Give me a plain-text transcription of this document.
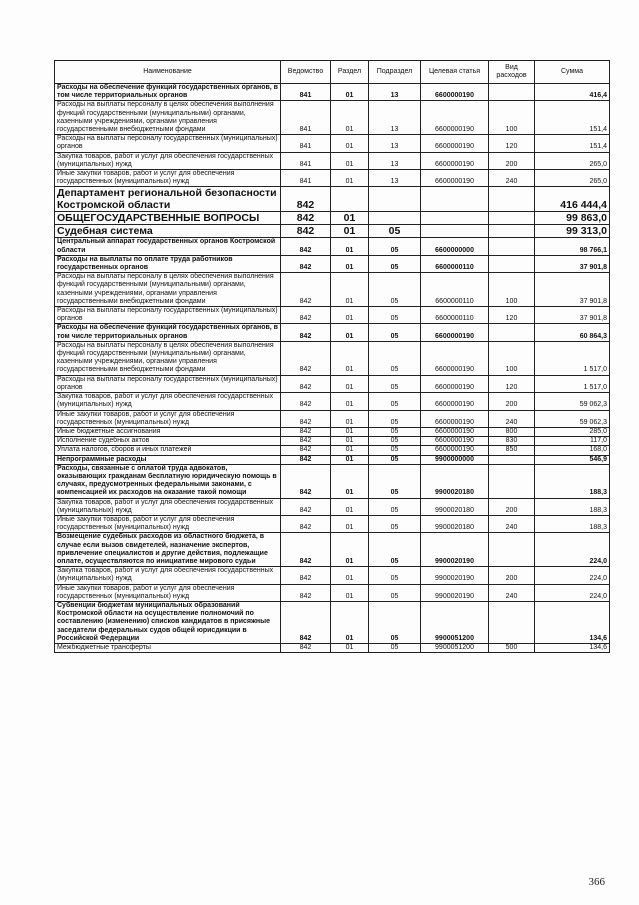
Наименование	Ведомство	Раздел	Подраздел	Целевая статья	Вид расходов	Сумма
Расходы на обеспечение функций государственных органов, в том числе территориальных органов	841	01	13	6600000190		416,4
Расходы на выплаты персоналу в целях обеспечения выполнения функций государственными (муниципальными) органами, казенными учреждениями, органами управления государственными внебюджетными фондами	841	01	13	6600000190	100	151,4
Расходы на выплаты персоналу государственных (муниципальных) органов	841	01	13	6600000190	120	151,4
Закупка товаров, работ и услуг для обеспечения государственных (муниципальных) нужд	841	01	13	6600000190	200	265,0
Иные закупки товаров, работ и услуг для обеспечения государственных (муниципальных) нужд	841	01	13	6600000190	240	265,0
Департамент региональной безопасности Костромской области	842					416 444,4
ОБЩЕГОСУДАРСТВЕННЫЕ ВОПРОСЫ	842	01				99 863,0
Судебная система	842	01	05			99 313,0
Центральный аппарат государственных органов Костромской области	842	01	05	6600000000		98 766,1
Расходы на выплаты по оплате труда работников государственных органов	842	01	05	6600000110		37 901,8
Расходы на выплаты персоналу в целях обеспечения выполнения функций государственными (муниципальными) органами, казенными учреждениями, органами управления государственными внебюджетными фондами	842	01	05	6600000110	100	37 901,8
Расходы на выплаты персоналу государственных (муниципальных) органов	842	01	05	6600000110	120	37 901,8
Расходы на обеспечение функций государственных органов, в том числе территориальных органов	842	01	05	6600000190		60 864,3
Расходы на выплаты персоналу в целях обеспечения выполнения функций государственными (муниципальными) органами, казенными учреждениями, органами управления государственными внебюджетными фондами	842	01	05	6600000190	100	1 517,0
Расходы на выплаты персоналу государственных (муниципальных) органов	842	01	05	6600000190	120	1 517,0
Закупка товаров, работ и услуг для обеспечения государственных (муниципальных) нужд	842	01	05	6600000190	200	59 062,3
Иные закупки товаров, работ и услуг для обеспечения государственных (муниципальных) нужд	842	01	05	6600000190	240	59 062,3
Иные бюджетные ассигнования	842	01	05	6600000190	800	285,0
Исполнение судебных актов	842	01	05	6600000190	830	117,0
Уплата налогов, сборов и иных платежей	842	01	05	6600000190	850	168,0
Непрограммные расходы	842	01	05	9900000000		546,9
Расходы, связанные с оплатой труда адвокатов, оказывающих гражданам бесплатную юридическую помощь в случаях, предусмотренных федеральными законами, с компенсацией их расходов на оказание такой помощи	842	01	05	9900020180		188,3
Закупка товаров, работ и услуг для обеспечения государственных (муниципальных) нужд	842	01	05	9900020180	200	188,3
Иные закупки товаров, работ и услуг для обеспечения государственных (муниципальных) нужд	842	01	05	9900020180	240	188,3
Возмещение судебных расходов из областного бюджета, в случае если вызов свидетелей, назначение экспертов, привлечение специалистов и другие действия, подлежащие оплате, осуществляются по инициативе мирового судьи	842	01	05	9900020190		224,0
Закупка товаров, работ и услуг для обеспечения государственных (муниципальных) нужд	842	01	05	9900020190	200	224,0
Иные закупки товаров, работ и услуг для обеспечения государственных (муниципальных) нужд	842	01	05	9900020190	240	224,0
Субвенции бюджетам муниципальных образований Костромской области на осуществление полномочий по составлению (изменению) списков кандидатов в присяжные заседатели федеральных судов общей юрисдикции в Российской Федерации	842	01	05	9900051200		134,6
Межбюджетные трансферты	842	01	05	9900051200	500	134,6
366
